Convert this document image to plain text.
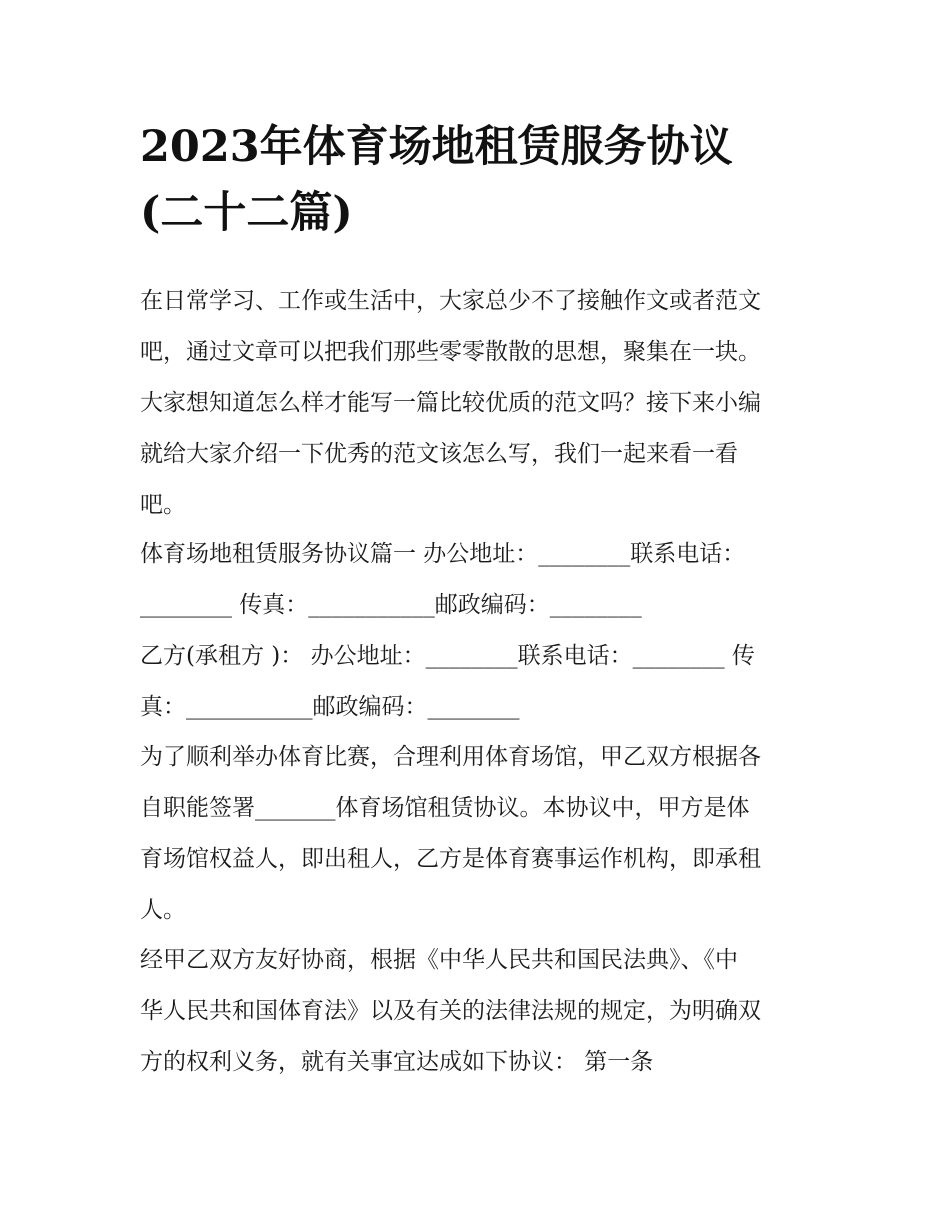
2023年体育场地租赁服务协议
(二十二篇)

在日常学习、工作或生活中，大家总少不了接触作文或者范文
吧，通过文章可以把我们那些零零散散的思想，聚集在一块。
大家想知道怎么样才能写一篇比较优质的范文吗？接下来小编
就给大家介绍一下优秀的范文该怎么写，我们一起来看一看
吧。

体育场地租赁服务协议篇一 办公地址：________联系电话：
________ 传真：___________邮政编码：________

乙方(承租方 )： 办公地址：________联系电话：________ 传
真：___________邮政编码：________

为了顺利举办体育比赛，合理利用体育场馆，甲乙双方根据各
自职能签署_______体育场馆租赁协议。本协议中，甲方是体
育场馆权益人，即出租人，乙方是体育赛事运作机构，即承租
人。

经甲乙双方友好协商，根据《中华人民共和国民法典》、《中
华人民共和国体育法》以及有关的法律法规的规定，为明确双
方的权利义务，就有关事宜达成如下协议： 第一条
